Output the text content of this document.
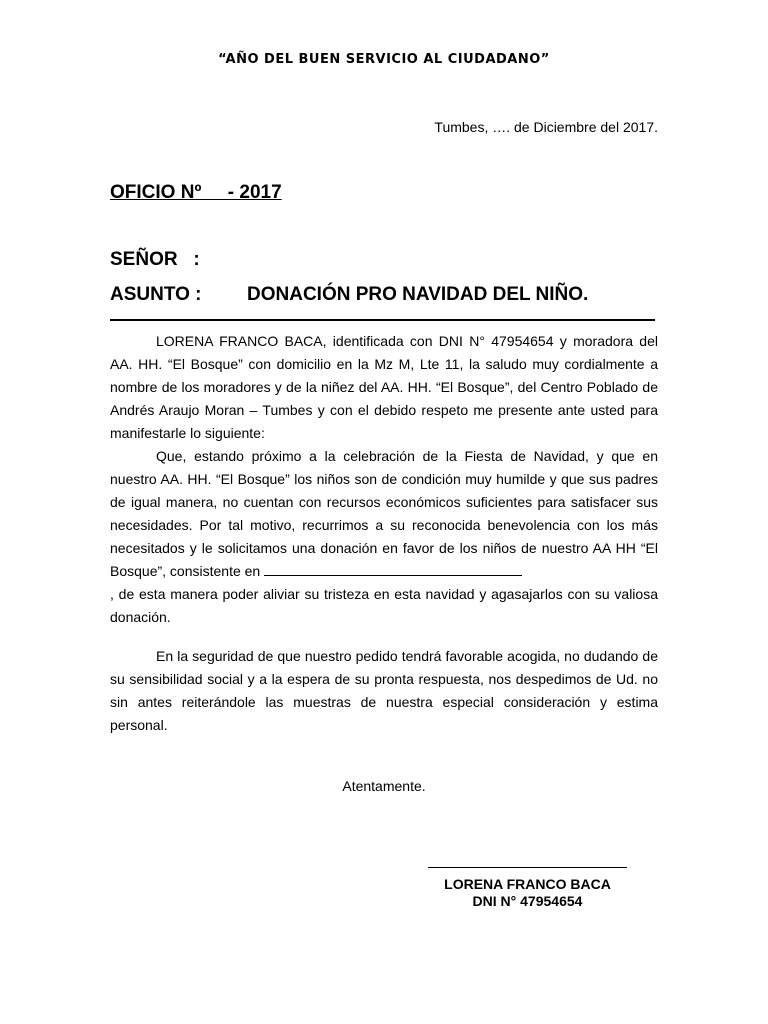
“AÑO DEL BUEN SERVICIO AL CIUDADANO”
Tumbes, …. de Diciembre del 2017.
OFICIO Nº     - 2017
SEÑOR   :
ASUNTO : DONACIÓN PRO NAVIDAD DEL NIÑO.
LORENA FRANCO BACA, identificada con DNI N° 47954654 y moradora del AA. HH. “El Bosque” con domicilio en la Mz M, Lte 11, la saludo muy cordialmente a nombre de los moradores y de la niñez del AA. HH. “El Bosque”, del Centro Poblado de Andrés Araujo Moran – Tumbes y con el debido respeto me presente ante usted para manifestarle lo siguiente:
Que, estando próximo a la celebración de la Fiesta de Navidad, y que en nuestro AA. HH. “El Bosque” los niños son de condición muy humilde y que sus padres de igual manera, no cuentan con recursos económicos suficientes para satisfacer sus necesidades. Por tal motivo, recurrimos a su reconocida benevolencia con los más necesitados y le solicitamos una donación en favor de los niños de nuestro AA HH “El Bosque”, consistente en
, de esta manera poder aliviar su tristeza en esta navidad y agasajarlos con su valiosa donación.
En la seguridad de que nuestro pedido tendrá favorable acogida, no dudando de su sensibilidad social y a la espera de su pronta respuesta, nos despedimos de Ud. no sin antes reiterándole las muestras de nuestra especial consideración y estima personal.
Atentamente.
LORENA FRANCO BACA
DNI N° 47954654
